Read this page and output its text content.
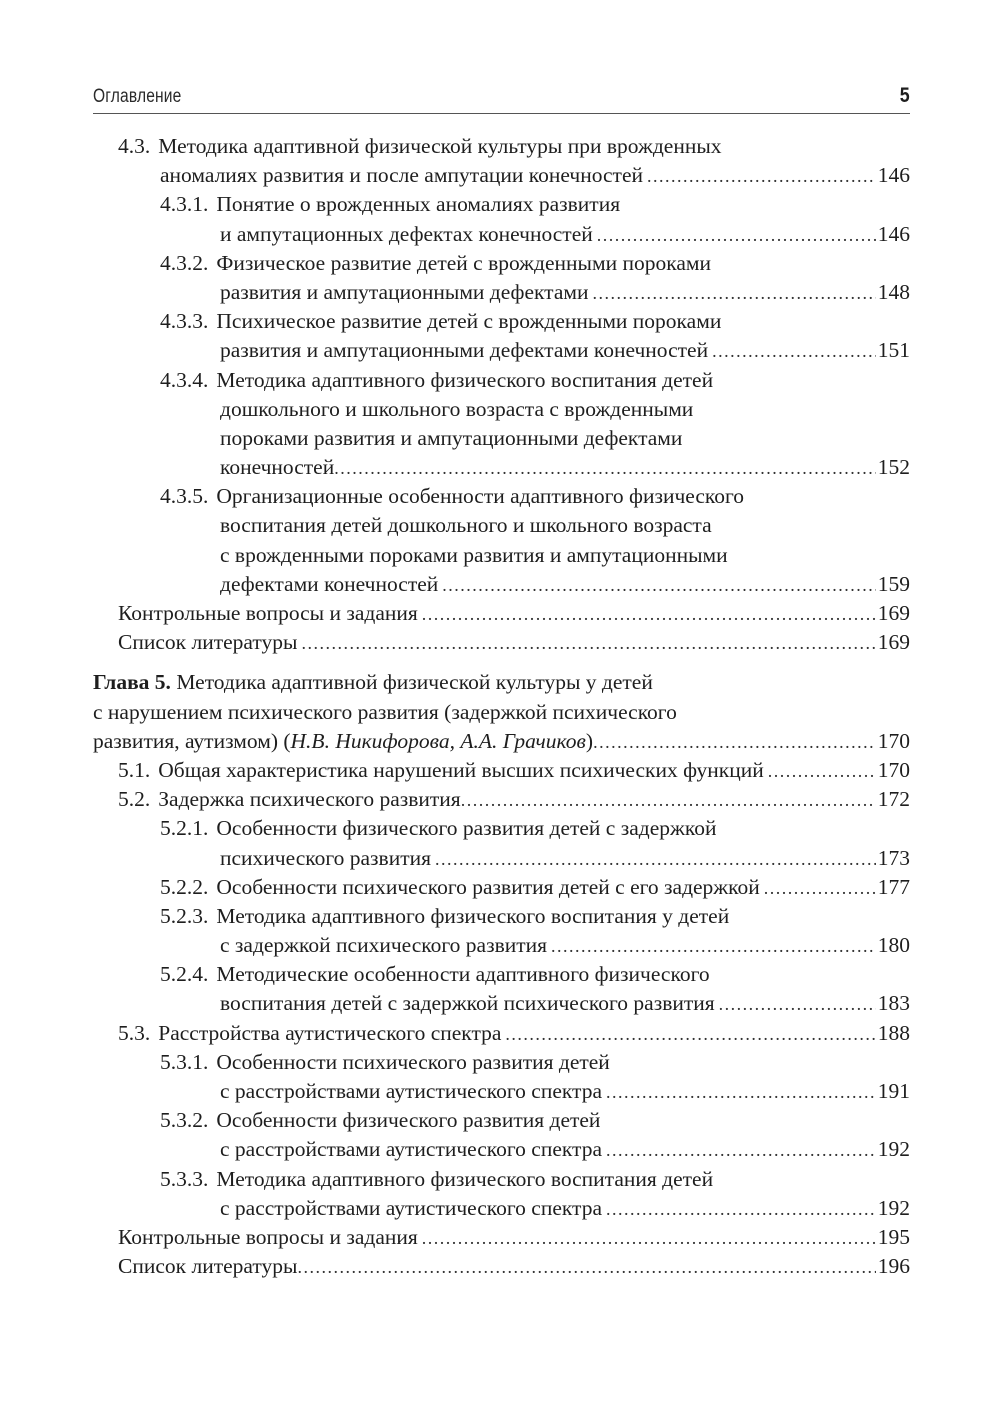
Оглавление	5
4.3. Методика адаптивной физической культуры при врожденных
аномалиях развития и после ампутации конечностей .....	146
4.3.1. Понятие о врожденных аномалиях развития
и ампутационных дефектах конечностей .....	146
4.3.2. Физическое развитие детей с врожденными пороками
развития и ампутационными дефектами .....	148
4.3.3. Психическое развитие детей с врожденными пороками
развития и ампутационными дефектами конечностей .....	151
4.3.4. Методика адаптивного физического воспитания детей
дошкольного и школьного возраста с врожденными
пороками развития и ампутационными дефектами
конечностей .....	152
4.3.5. Организационные особенности адаптивного физического
воспитания детей дошкольного и школьного возраста
с врожденными пороками развития и ампутационными
дефектами конечностей .....	159
Контрольные вопросы и задания .....	169
Список литературы .....	169
Глава 5. Методика адаптивной физической культуры у детей
с нарушением психического развития (задержкой психического
развития, аутизмом) (Н.В. Никифорова, А.А. Грачиков) .....	170
5.1. Общая характеристика нарушений высших психических функций .....	170
5.2. Задержка психического развития .....	172
5.2.1. Особенности физического развития детей с задержкой
психического развития .....	173
5.2.2. Особенности психического развития детей с его задержкой .....	177
5.2.3. Методика адаптивного физического воспитания у детей
с задержкой психического развития .....	180
5.2.4. Методические особенности адаптивного физического
воспитания детей с задержкой психического развития .....	183
5.3. Расстройства аутистического спектра .....	188
5.3.1. Особенности психического развития детей
с расстройствами аутистического спектра .....	191
5.3.2. Особенности физического развития детей
с расстройствами аутистического спектра .....	192
5.3.3. Методика адаптивного физического воспитания детей
с расстройствами аутистического спектра .....	192
Контрольные вопросы и задания .....	195
Список литературы .....	196
